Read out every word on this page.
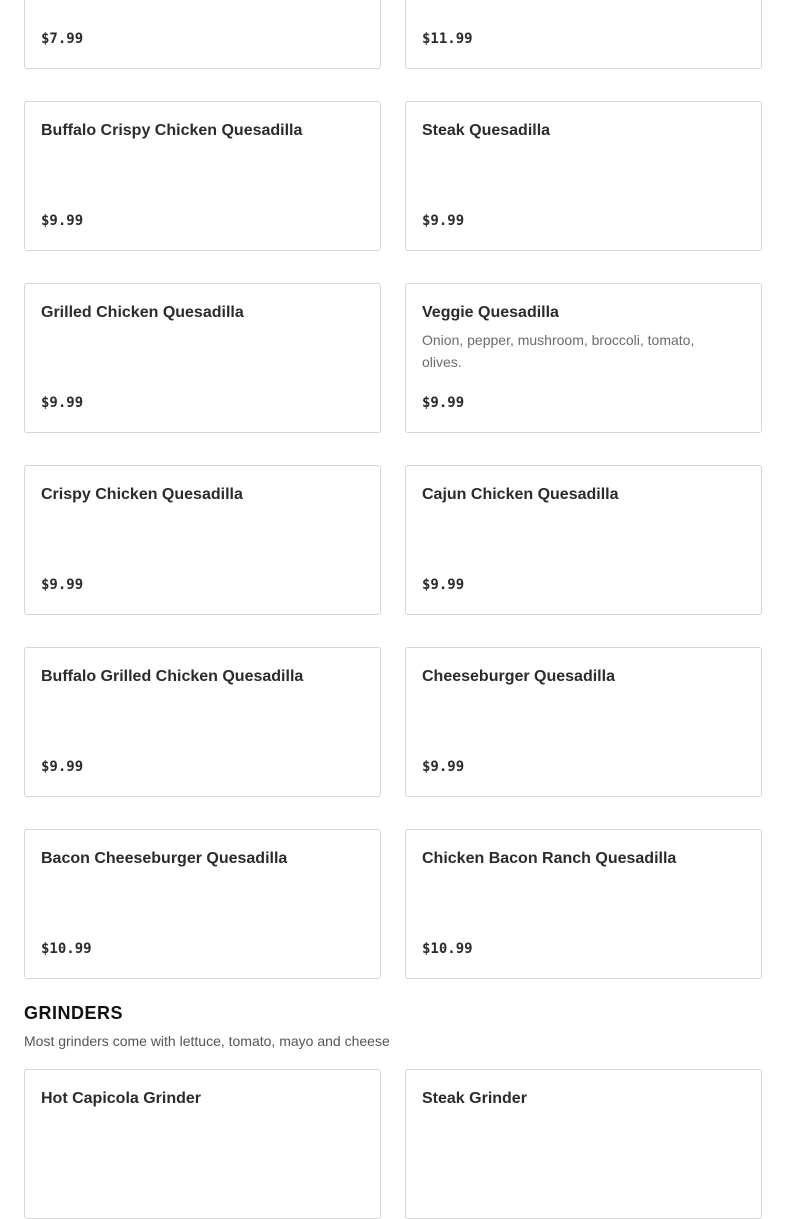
$7.99	$11.99
Buffalo Crispy Chicken Quesadilla
$9.99
Steak Quesadilla
$9.99
Grilled Chicken Quesadilla
$9.99
Veggie Quesadilla
Onion, pepper, mushroom, broccoli, tomato, olives.
$9.99
Crispy Chicken Quesadilla
$9.99
Cajun Chicken Quesadilla
$9.99
Buffalo Grilled Chicken Quesadilla
$9.99
Cheeseburger Quesadilla
$9.99
Bacon Cheeseburger Quesadilla
$10.99
Chicken Bacon Ranch Quesadilla
$10.99
GRINDERS
Most grinders come with lettuce, tomato, mayo and cheese
Hot Capicola Grinder	Steak Grinder
